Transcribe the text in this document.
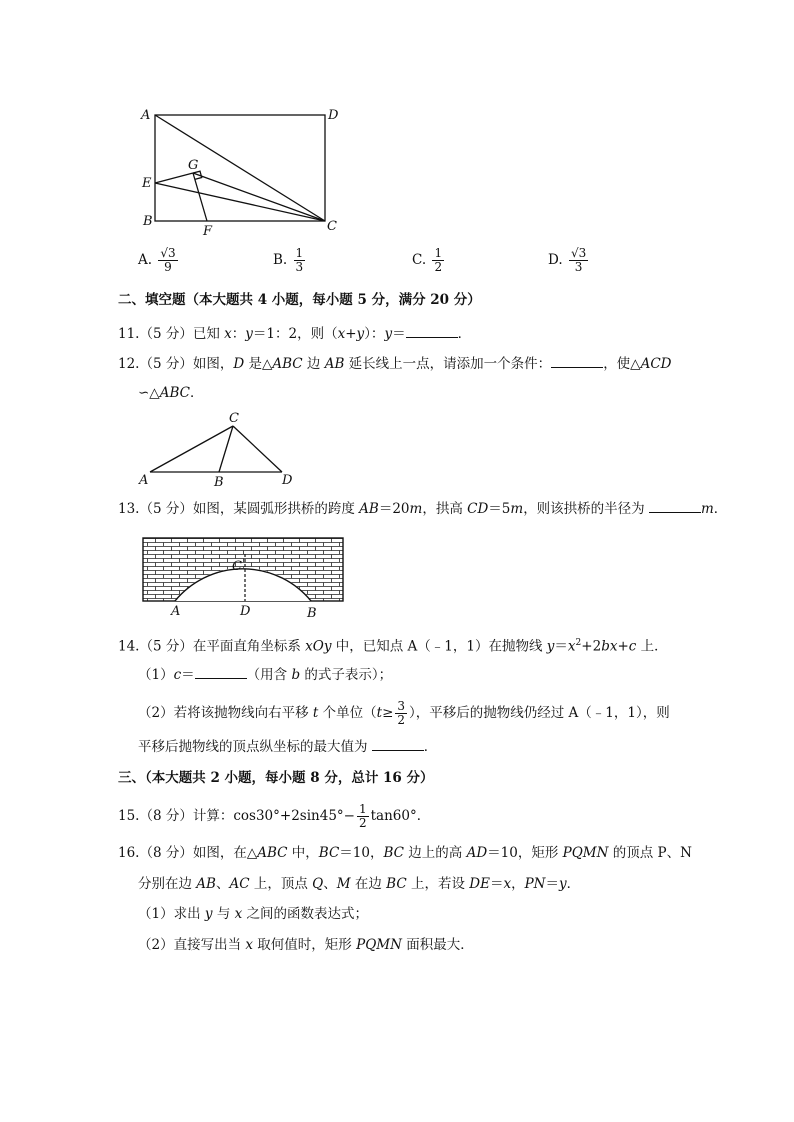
A	D
G
E
B
F	C
A. $\frac{√3}{9}$	B. $\frac{1}{3}$	C. $\frac{1}{2}$	D. $\frac{√3}{3}$
二、填空题（本大题共 4 小题，每小题 5 分，满分 20 分）
11.（5 分）已知 x：y＝1：2，则（x+y）：y＝	．
12.（5 分）如图，D 是△ABC 边 AB 延长线上一点，请添加一个条件：	，使△ACD
∽△ABC．
C
A	B	D
13.（5 分）如图，某圆弧形拱桥的跨度 AB＝20m，拱高 CD＝5m，则该拱桥的半径为	m．
C
A	D	B
14.（5 分）在平面直角坐标系 xOy 中，已知点 A（﹣1，1）在抛物线 $y=x^2+2bx+c$ 上．
（1）c＝	（用含 b 的式子表示）；
（2）若将该抛物线向右平移 t 个单位（$t\ge \frac{3}{2}$ ），平移后的抛物线仍经过 A（﹣1，1），则
平移后抛物线的顶点纵坐标的最大值为	．
三、（本大题共 2 小题，每小题 8 分，总计 16 分）
15.（8 分）计算：$\cos 30^\circ+2\sin 45^\circ- \frac{1}{2} \tan 60^\circ$．
16.（8 分）如图，在△ABC 中，BC＝10，BC 边上的高 AD＝10，矩形 PQMN 的顶点 P、N
分别在边 AB、AC 上，顶点 Q、M 在边 BC 上，若设 DE＝x，PN＝y．
（1）求出 y 与 x 之间的函数表达式；
（2）直接写出当 x 取何值时，矩形 PQMN 面积最大．
